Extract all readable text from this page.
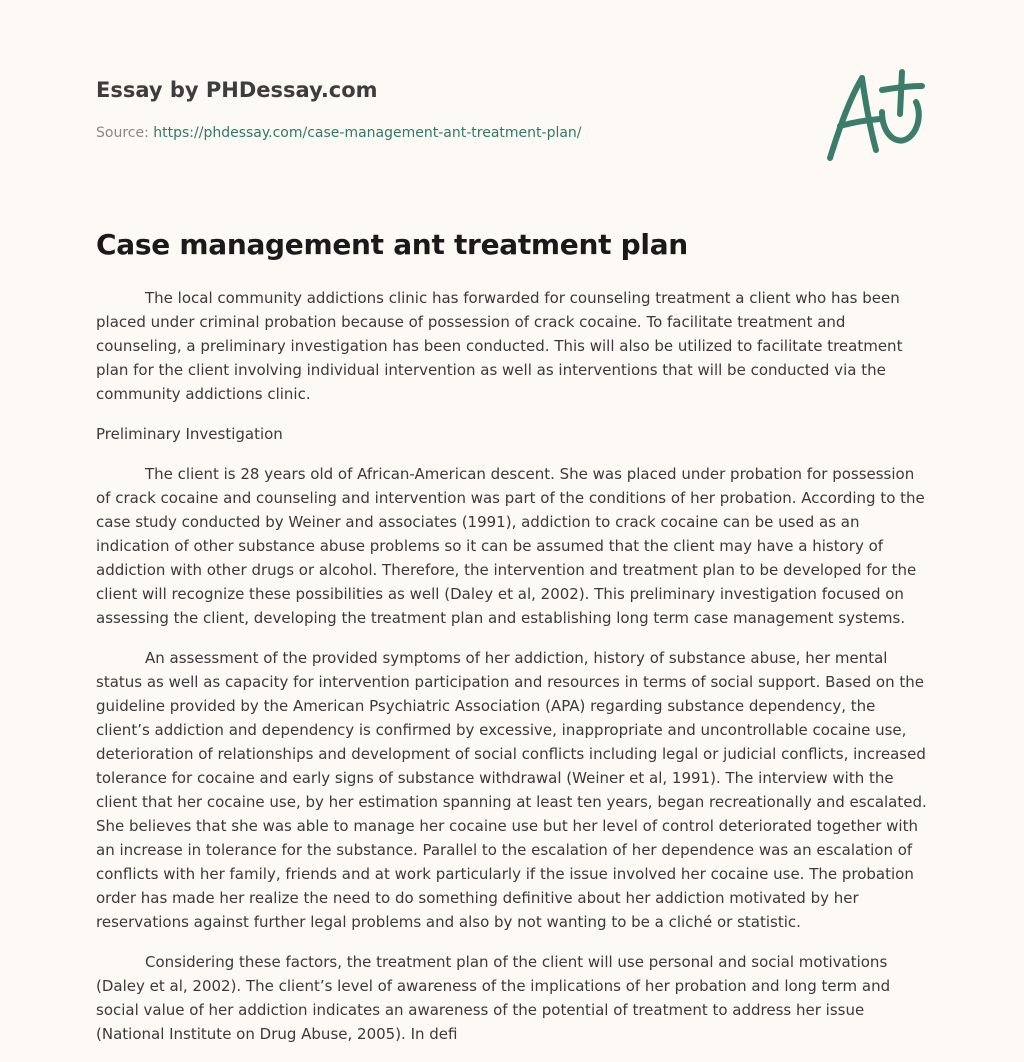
Essay by PHDessay.com

Source: https://phdessay.com/case-management-ant-treatment-plan/

Case management ant treatment plan

The local community addictions clinic has forwarded for counseling treatment a client who has been placed under criminal probation because of possession of crack cocaine. To facilitate treatment and counseling, a preliminary investigation has been conducted. This will also be utilized to facilitate treatment plan for the client involving individual intervention as well as interventions that will be conducted via the community addictions clinic.

Preliminary Investigation

The client is 28 years old of African-American descent. She was placed under probation for possession of crack cocaine and counseling and intervention was part of the conditions of her probation. According to the case study conducted by Weiner and associates (1991), addiction to crack cocaine can be used as an indication of other substance abuse problems so it can be assumed that the client may have a history of addiction with other drugs or alcohol. Therefore, the intervention and treatment plan to be developed for the client will recognize these possibilities as well (Daley et al, 2002). This preliminary investigation focused on assessing the client, developing the treatment plan and establishing long term case management systems.

An assessment of the provided symptoms of her addiction, history of substance abuse, her mental status as well as capacity for intervention participation and resources in terms of social support. Based on the guideline provided by the American Psychiatric Association (APA) regarding substance dependency, the client’s addiction and dependency is confirmed by excessive, inappropriate and uncontrollable cocaine use, deterioration of relationships and development of social conflicts including legal or judicial conflicts, increased tolerance for cocaine and early signs of substance withdrawal (Weiner et al, 1991). The interview with the client that her cocaine use, by her estimation spanning at least ten years, began recreationally and escalated. She believes that she was able to manage her cocaine use but her level of control deteriorated together with an increase in tolerance for the substance. Parallel to the escalation of her dependence was an escalation of conflicts with her family, friends and at work particularly if the issue involved her cocaine use. The probation order has made her realize the need to do something definitive about her addiction motivated by her reservations against further legal problems and also by not wanting to be a cliché or statistic.

Considering these factors, the treatment plan of the client will use personal and social motivations (Daley et al, 2002). The client’s level of awareness of the implications of her probation and long term and social value of her addiction indicates an awareness of the potential of treatment to address her issue (National Institute on Drug Abuse, 2005). In defi
